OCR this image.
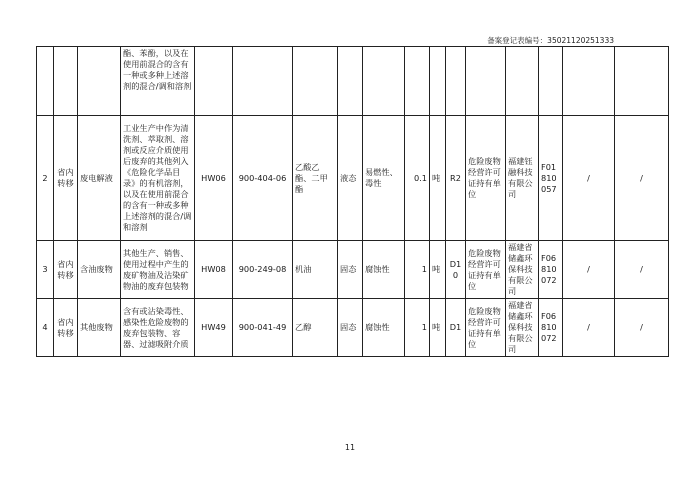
备案登记表编号：35021120251333
			酯、苯酚，以及在使用前混合的含有一种或多种上述溶剂的混合/调和溶剂													
2	省内转移	废电解液	工业生产中作为清洗剂、萃取剂、溶剂或反应介质使用后废弃的其他列入《危险化学品目录》的有机溶剂，以及在使用前混合的含有一种或多种上述溶剂的混合/调和溶剂	HW06	900-404-06	乙酸乙酯、二甲酯	液态	易燃性、毒性	0.1	吨	R2	危险废物经营许可证持有单位	福建钰融科技有限公司	F01810057	/	/
3	省内转移	含油废物	其他生产、销售、使用过程中产生的废矿物油及沾染矿物油的废弃包装物	HW08	900-249-08	机油	固态	腐蚀性	1	吨	D10	危险废物经营许可证持有单位	福建省储鑫环保科技有限公司	F06810072	/	/
4	省内转移	其他废物	含有或沾染毒性、感染性危险废物的废弃包装物、容器、过滤吸附介质	HW49	900-041-49	乙醇	固态	腐蚀性	1	吨	D1	危险废物经营许可证持有单位	福建省储鑫环保科技有限公司	F06810072	/	/
11
